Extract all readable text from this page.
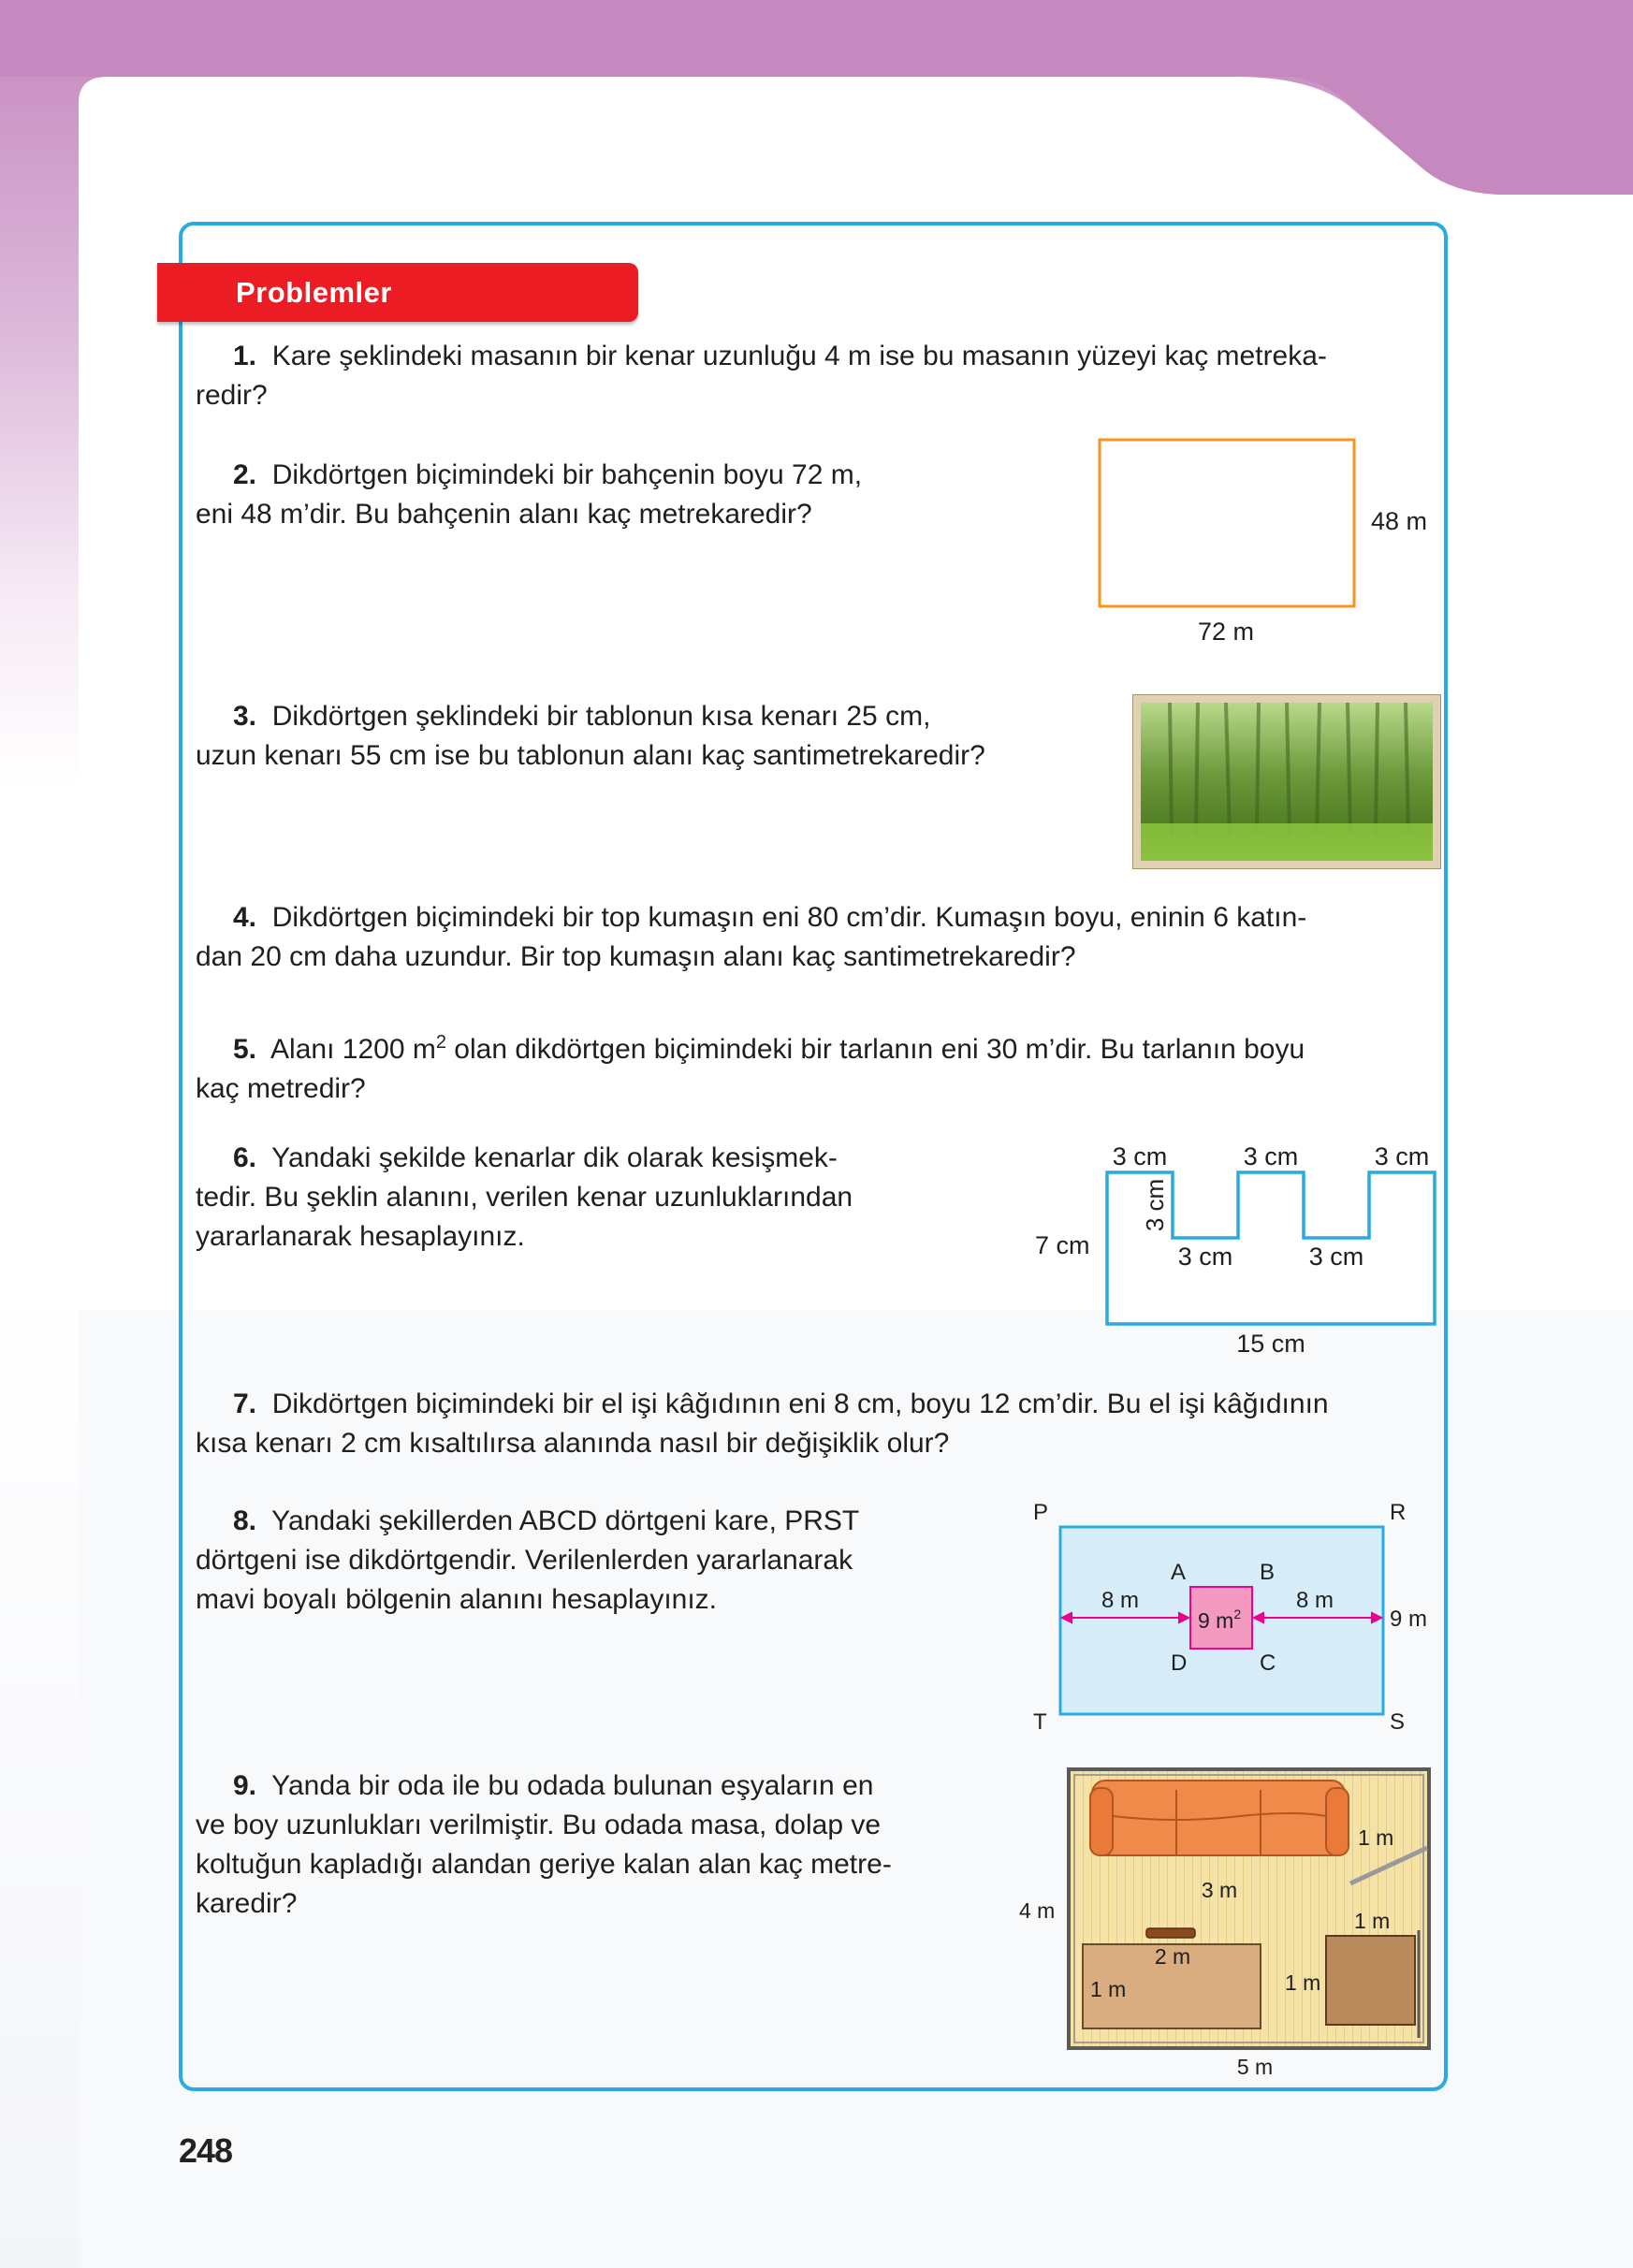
Problemler
1. Kare şeklindeki masanın bir kenar uzunluğu 4 m ise bu masanın yüzeyi kaç metreka-
redir?
2. Dikdörtgen biçimindeki bir bahçenin boyu 72 m,
eni 48 m’dir. Bu bahçenin alanı kaç metrekaredir?	48 m
72 m
3. Dikdörtgen şeklindeki bir tablonun kısa kenarı 25 cm,
uzun kenarı 55 cm ise bu tablonun alanı kaç santimetrekaredir?
4. Dikdörtgen biçimindeki bir top kumaşın eni 80 cm’dir. Kumaşın boyu, eninin 6 katın-
dan 20 cm daha uzundur. Bir top kumaşın alanı kaç santimetrekaredir?
5. Alanı 1200 $m^2$ olan dikdörtgen biçimindeki bir tarlanın eni 30 m’dir. Bu tarlanın boyu
kaç metredir?
6. Yandaki şekilde kenarlar dik olarak kesişmek-
tedir. Bu şeklin alanını, verilen kenar uzunluklarından
yararlanarak hesaplayınız.
3 cm	3 cm	3 cm
3 cm
3 cm	3 cm
7 cm
15 cm
7. Dikdörtgen biçimindeki bir el işi kâğıdının eni 8 cm, boyu 12 cm’dir. Bu el işi kâğıdının
kısa kenarı 2 cm kısaltılırsa alanında nasıl bir değişiklik olur?
8. Yandaki şekillerden ABCD dörtgeni kare, PRST
dörtgeni ise dikdörtgendir. Verilenlerden yararlanarak
mavi boyalı bölgenin alanını hesaplayınız.
P	R
T	S
A	B
D	C
8 m	8 m
9 m
9 $m^2$
9. Yanda bir oda ile bu odada bulunan eşyaların en
ve boy uzunlukları verilmiştir. Bu odada masa, dolap ve
koltuğun kapladığı alandan geriye kalan alan kaç metre-
karedir?
1 m
3 m
4 m	1 m
2 m
1 m	1 m
5 m
248
